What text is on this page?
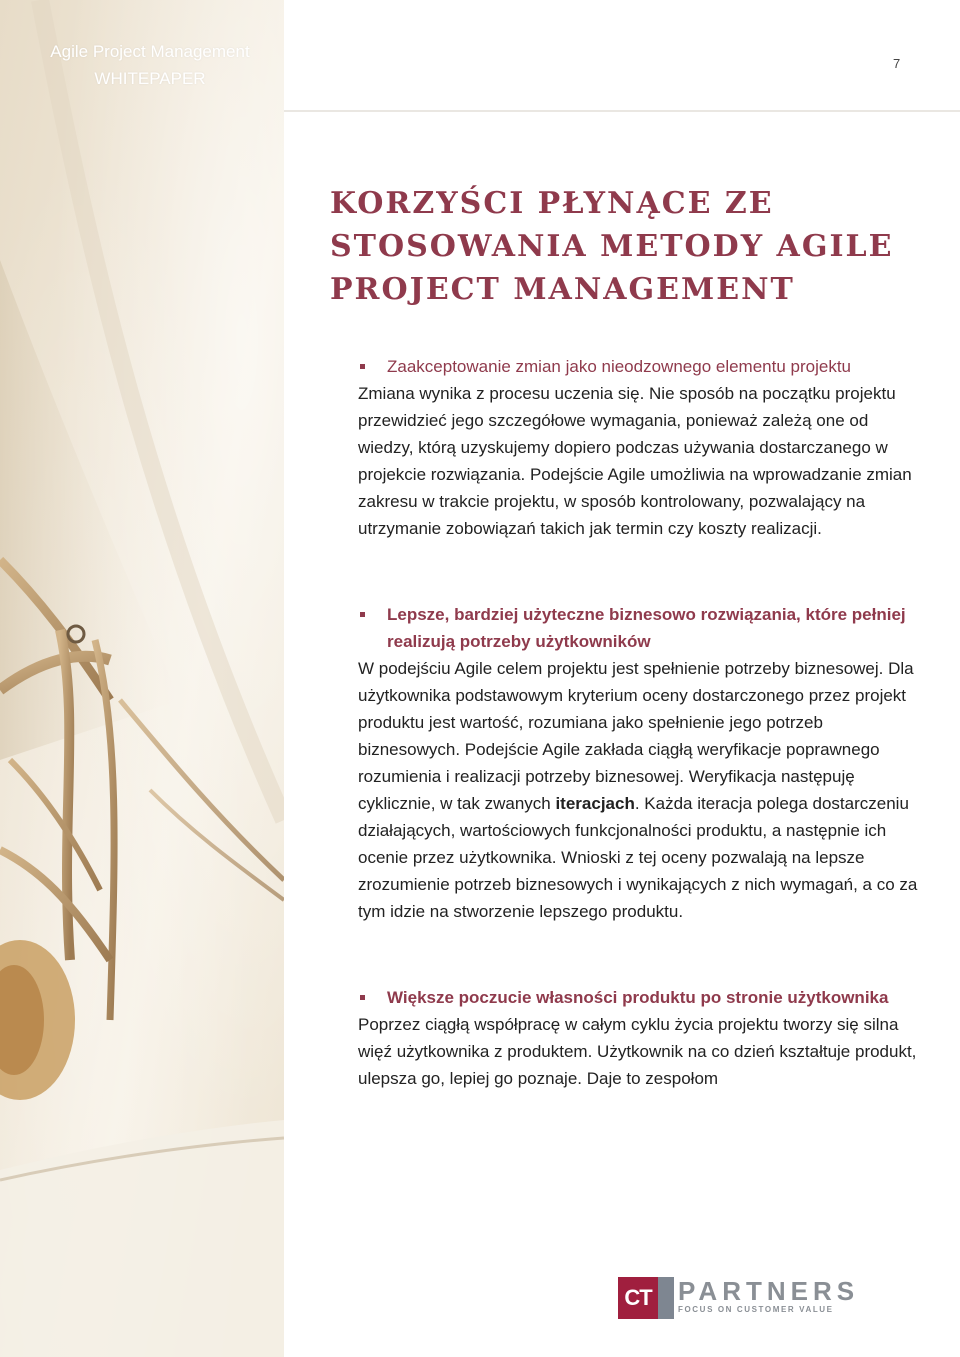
Agile Project Management
WHITEPAPER
7
KORZYŚCI PŁYNĄCE ZE
STOSOWANIA METODY AGILE
PROJECT MANAGEMENT
Zaakceptowanie zmian jako nieodzownego elementu projektu

Zmiana wynika z procesu uczenia się. Nie sposób na początku projektu przewidzieć jego szczegółowe wymagania, ponieważ zależą one od wiedzy, którą uzyskujemy dopiero podczas używania dostarczanego w projekcie rozwiązania. Podejście Agile umożliwia na wprowadzanie zmian zakresu w trakcie projektu, w sposób kontrolowany, pozwalający na utrzymanie zobowiązań takich jak termin czy koszty realizacji.

Lepsze, bardziej użyteczne biznesowo rozwiązania, które pełniej realizują potrzeby użytkowników

W podejściu Agile celem projektu jest spełnienie potrzeby biznesowej. Dla użytkownika podstawowym kryterium oceny dostarczonego przez projekt produktu jest wartość, rozumiana jako spełnienie jego potrzeb biznesowych. Podejście Agile zakłada ciągłą weryfikacje poprawnego rozumienia i realizacji potrzeby biznesowej. Weryfikacja następuję cyklicznie, w tak zwanych iteracjach. Każda iteracja polega dostarczeniu działających, wartościowych funkcjonalności produktu, a następnie ich ocenie przez użytkownika. Wnioski z tej oceny pozwalają na lepsze zrozumienie potrzeb biznesowych i wynikających z nich wymagań, a co za tym idzie na stworzenie lepszego produktu.

Większe poczucie własności produktu po stronie użytkownika

Poprzez ciągłą współpracę w całym cyklu życia projektu tworzy się silna więź użytkownika z produktem. Użytkownik na co dzień kształtuje produkt, ulepsza go, lepiej go poznaje. Daje to zespołom

CT PARTNERS
FOCUS ON CUSTOMER VALUE
